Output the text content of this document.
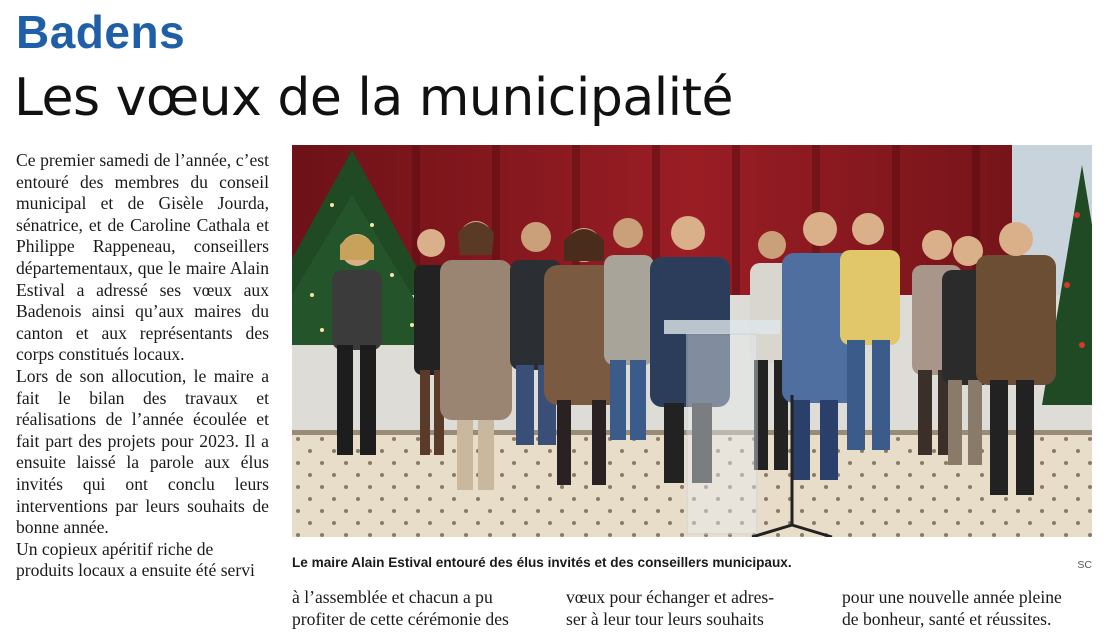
Badens
Les vœux de la municipalité

Ce premier samedi de l’année, c’est entouré des membres du conseil municipal et de Gisèle Jourda, sénatrice, et de Caroline Cathala et Philippe Rappeneau, conseillers départementaux, que le maire Alain Estival a adressé ses vœux aux Badenois ainsi qu’aux maires du canton et aux représentants des corps constitués locaux.

Lors de son allocution, le maire a fait le bilan des travaux et réalisations de l’année écoulée et fait part des projets pour 2023. Il a ensuite laissé la parole aux élus invités qui ont conclu leurs interventions par leurs souhaits de bonne année.

Un copieux apéritif riche de produits locaux a ensuite été servi	Le maire Alain Estival entouré des élus invités et des conseillers municipaux.	SC
à l’assemblée et chacun a pu
profiter de cette cérémonie des
vœux pour échanger et adres-
ser à leur tour leurs souhaits
pour une nouvelle année pleine
de bonheur, santé et réussites.
